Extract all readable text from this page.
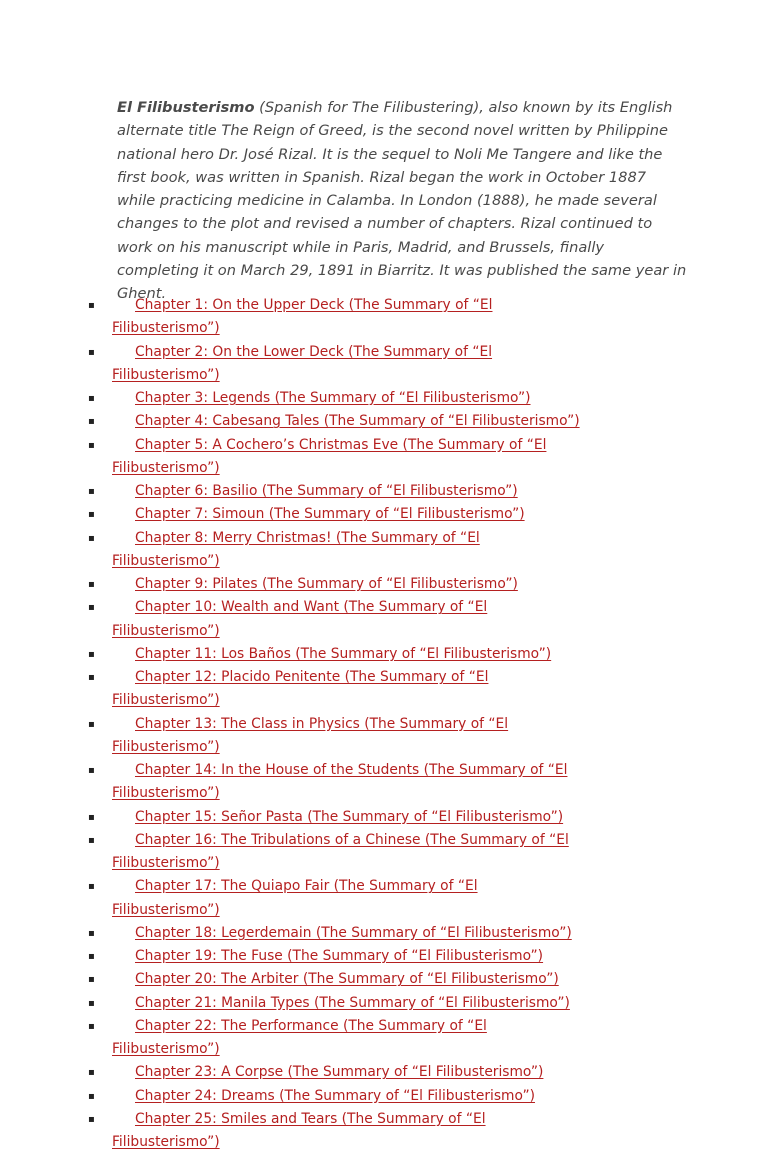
El Filibusterismo (Spanish for The Filibustering), also known by its English alternate title The Reign of Greed, is the second novel written by Philippine national hero Dr. José Rizal. It is the sequel to Noli Me Tangere and like the first book, was written in Spanish. Rizal began the work in October 1887 while practicing medicine in Calamba. In London (1888), he made several changes to the plot and revised a number of chapters. Rizal continued to work on his manuscript while in Paris, Madrid, and Brussels, finally completing it on March 29, 1891 in Biarritz. It was published the same year in Ghent.

▪	Chapter 1: On the Upper Deck (The Summary of “El Filibusterismo”)
▪	Chapter 2: On the Lower Deck (The Summary of “El Filibusterismo”)
▪	Chapter 3: Legends (The Summary of “El Filibusterismo”)
▪	Chapter 4: Cabesang Tales (The Summary of “El Filibusterismo”)
▪	Chapter 5: A Cochero’s Christmas Eve (The Summary of “El Filibusterismo”)
▪	Chapter 6: Basilio (The Summary of “El Filibusterismo”)
▪	Chapter 7: Simoun (The Summary of “El Filibusterismo”)
▪	Chapter 8: Merry Christmas! (The Summary of “El Filibusterismo”)
▪	Chapter 9: Pilates (The Summary of “El Filibusterismo”)
▪	Chapter 10: Wealth and Want (The Summary of “El Filibusterismo”)
▪	Chapter 11: Los Baños (The Summary of “El Filibusterismo”)
▪	Chapter 12: Placido Penitente (The Summary of “El Filibusterismo”)
▪	Chapter 13: The Class in Physics (The Summary of “El Filibusterismo”)
▪	Chapter 14: In the House of the Students (The Summary of “El Filibusterismo”)
▪	Chapter 15: Señor Pasta (The Summary of “El Filibusterismo”)
▪	Chapter 16: The Tribulations of a Chinese (The Summary of “El Filibusterismo”)
▪	Chapter 17: The Quiapo Fair (The Summary of “El Filibusterismo”)
▪	Chapter 18: Legerdemain (The Summary of “El Filibusterismo”)
▪	Chapter 19: The Fuse (The Summary of “El Filibusterismo”)
▪	Chapter 20: The Arbiter (The Summary of “El Filibusterismo”)
▪	Chapter 21: Manila Types (The Summary of “El Filibusterismo”)
▪	Chapter 22: The Performance (The Summary of “El Filibusterismo”)
▪	Chapter 23: A Corpse (The Summary of “El Filibusterismo”)
▪	Chapter 24: Dreams (The Summary of “El Filibusterismo”)
▪	Chapter 25: Smiles and Tears (The Summary of “El Filibusterismo”)
